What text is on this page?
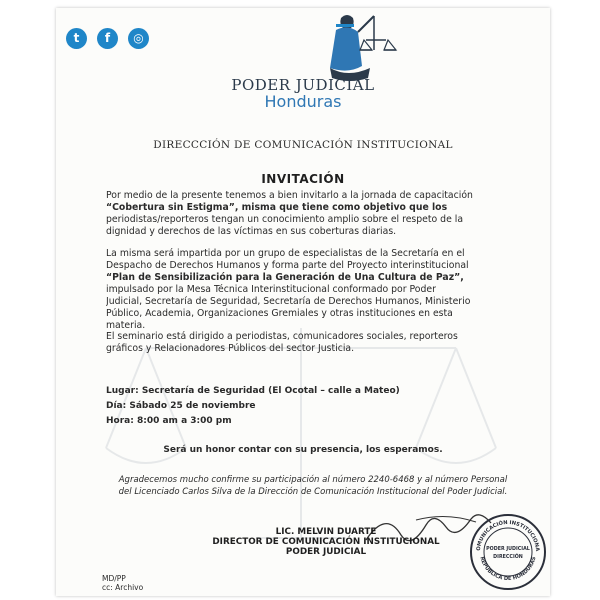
t	f	◎
PODER JUDICIAL
Honduras
DIRECCCIÓN DE COMUNICACIÓN INSTITUCIONAL
INVITACIÓN
Por medio de la presente tenemos a bien invitarlo a la jornada de capacitación
“Cobertura sin Estigma”, misma que tiene como objetivo que los
periodistas/reporteros tengan un conocimiento amplio sobre el respeto de la
dignidad y derechos de las víctimas en sus coberturas diarias.
La misma será impartida por un grupo de especialistas de la Secretaría en el
Despacho de Derechos Humanos y forma parte del Proyecto interinstitucional
“Plan de Sensibilización para la Generación de Una Cultura de Paz”,
impulsado por la Mesa Técnica Interinstitucional conformado por Poder
Judicial, Secretaría de Seguridad, Secretaría de Derechos Humanos, Ministerio
Público, Academia, Organizaciones Gremiales y otras instituciones en esta
materia.
El seminario está dirigido a periodistas, comunicadores sociales, reporteros
gráficos y Relacionadores Públicos del sector Justicia.
Lugar: Secretaría de Seguridad (El Ocotal – calle a Mateo)
Día: Sábado 25 de noviembre
Hora: 8:00 am a 3:00 pm
Será un honor contar con su presencia, los esperamos.
Agradecemos mucho confirme su participación al número 2240-6468 y al número Personal
del Licenciado Carlos Silva de la Dirección de Comunicación Institucional del Poder Judicial.
LIC. MELVIN DUARTE
DIRECTOR DE COMUNICACIÓN INSTITUCIONAL
PODER JUDICIAL	OMUNICACIÓN INSTITUCIONA
REPÚBLICA DE HONDURAS
PODER JUDICIAL
DIRECCIÓN
MD/PP
cc: Archivo
